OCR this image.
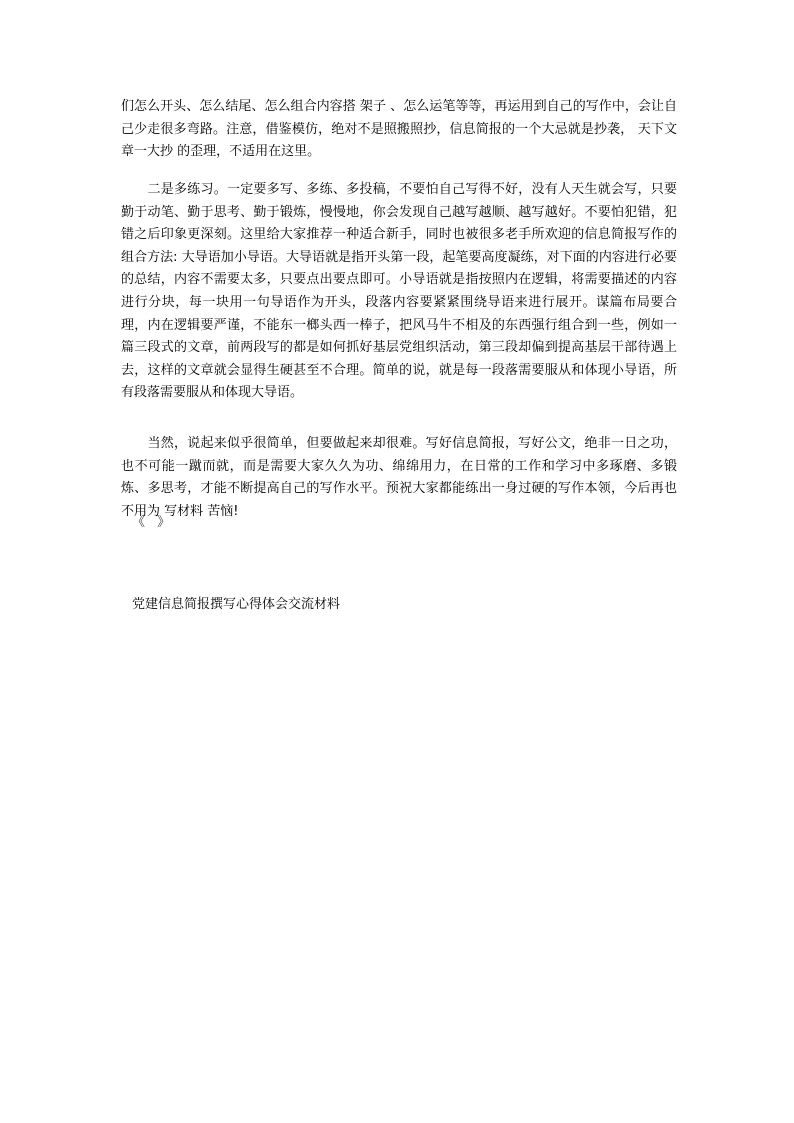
们怎么开头、怎么结尾、怎么组合内容搭 架子 、怎么运笔等等，再运用到自己的写作中，会让自己少走很多弯路。注意，借鉴模仿，绝对不是照搬照抄，信息简报的一个大忌就是抄袭， 天下文章一大抄 的歪理，不适用在这里。
　　二是多练习。一定要多写、多练、多投稿，不要怕自己写得不好，没有人天生就会写，只要勤于动笔、勤于思考、勤于锻炼，慢慢地，你会发现自己越写越顺、越写越好。不要怕犯错，犯错之后印象更深刻。这里给大家推荐一种适合新手，同时也被很多老手所欢迎的信息简报写作的组合方法: 大导语加小导语。大导语就是指开头第一段，起笔要高度凝练，对下面的内容进行必要的总结，内容不需要太多，只要点出要点即可。小导语就是指按照内在逻辑，将需要描述的内容进行分块，每一块用一句导语作为开头，段落内容要紧紧围绕导语来进行展开。谋篇布局要合理，内在逻辑要严谨，不能东一榔头西一棒子，把风马牛不相及的东西强行组合到一些，例如一篇三段式的文章，前两段写的都是如何抓好基层党组织活动，第三段却偏到提高基层干部待遇上去，这样的文章就会显得生硬甚至不合理。简单的说，就是每一段落需要服从和体现小导语，所有段落需要服从和体现大导语。
　　当然，说起来似乎很简单，但要做起来却很难。写好信息简报，写好公文，绝非一日之功，也不可能一蹴而就，而是需要大家久久为功、绵绵用力，在日常的工作和学习中多琢磨、多锻炼、多思考，才能不断提高自己的写作水平。预祝大家都能练出一身过硬的写作本领，今后再也不用为 写材料 苦恼!
《 》
党建信息简报撰写心得体会交流材料
